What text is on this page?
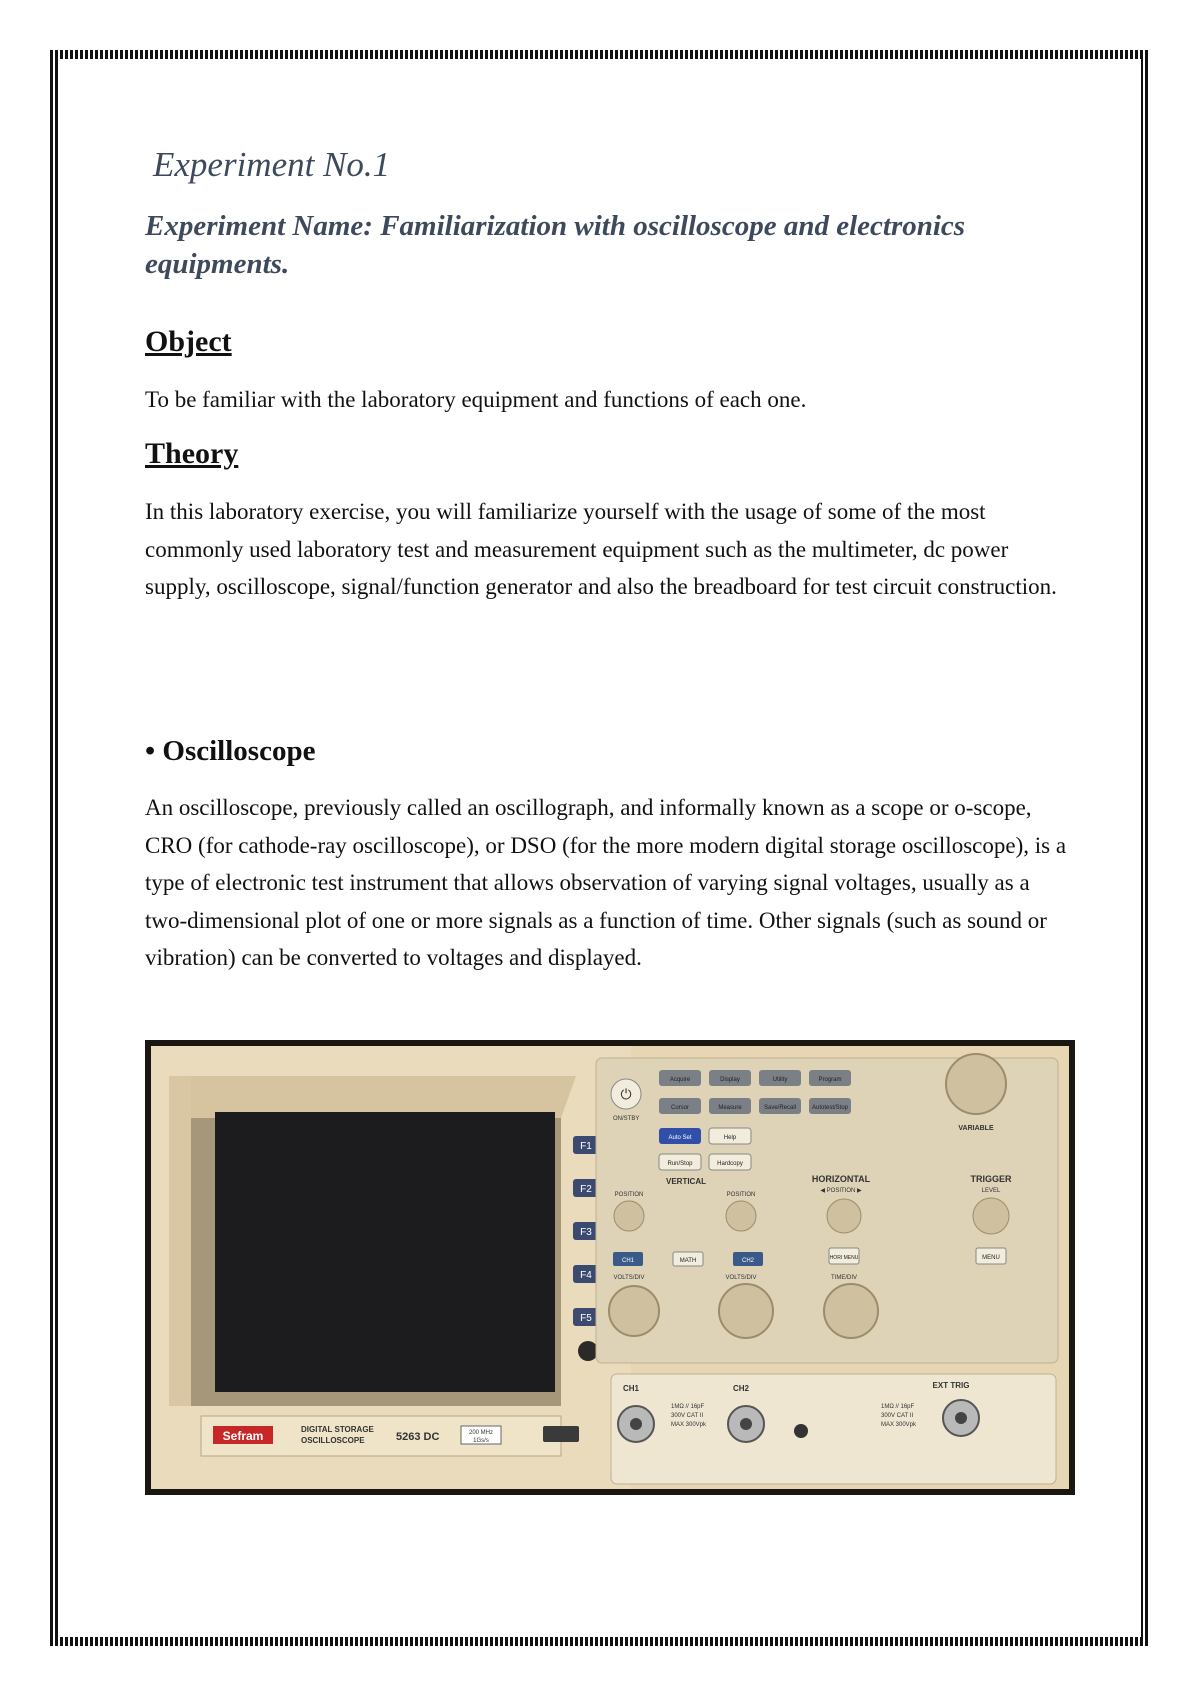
Experiment No.1
Experiment Name: Familiarization with oscilloscope and electronics equipments.
Object

To be familiar with the laboratory equipment and functions of each one.

Theory

In this laboratory exercise, you will familiarize yourself with the usage of some of the most commonly used laboratory test and measurement equipment such as the multimeter, dc power supply, oscilloscope, signal/function generator and also the breadboard for test circuit construction.

• Oscilloscope

An oscilloscope, previously called an oscillograph, and informally known as a scope or o-scope, CRO (for cathode-ray oscilloscope), or DSO (for the more modern digital storage oscilloscope), is a type of electronic test instrument that allows observation of varying signal voltages, usually as a two-dimensional plot of one or more signals as a function of time. Other signals (such as sound or vibration) can be converted to voltages and displayed.

F1
F2
F3
F4
F5
Sefram	DIGITAL STORAGE
OSCILLOSCOPE	5263 DC	200 MHz
1Gs/s
⏻
ON/STBY
Acquire	Display	Utility	Program
Cursor	Measure	Save/Recall	Autotest/Stop
Auto Set	Help
Run/Stop	Hardcopy
VARIABLE
VERTICAL	HORIZONTAL
◀ POSITION ▶
TRIGGER
LEVEL
POSITION	POSITION
CH1	MATH	CH2	HORI MENU	MENU
VOLTS/DIV	VOLTS/DIV	TIME/DIV
CH1
1MΩ // 16pF
300V CAT II
MAX 300Vpk
CH2	EXT TRIG
1MΩ // 16pF
300V CAT II
MAX 300Vpk
